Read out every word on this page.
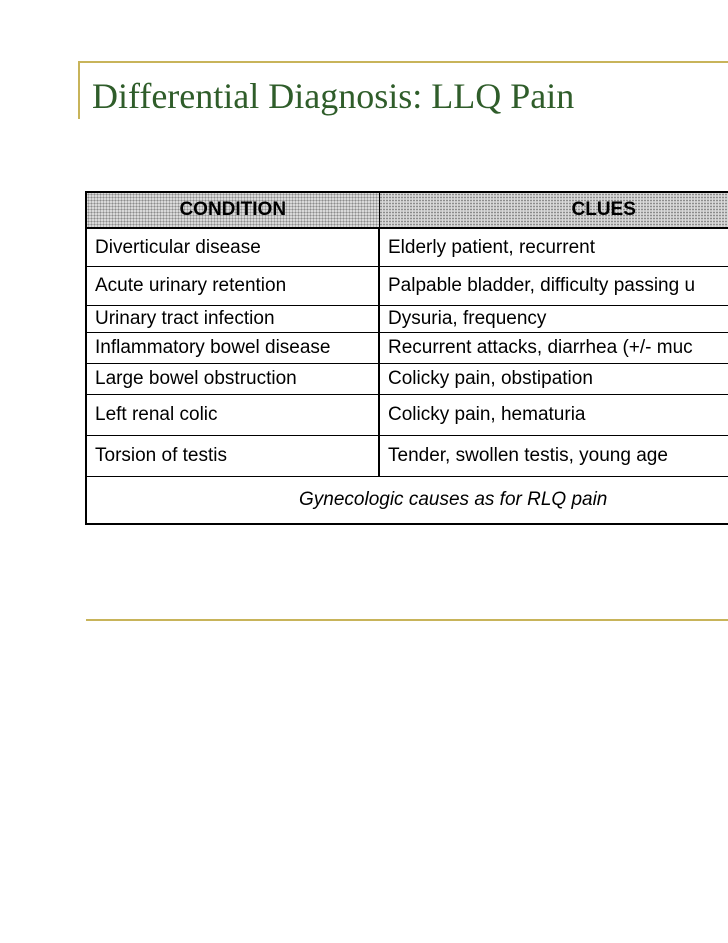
Differential Diagnosis: LLQ Pain
CONDITION	CLUES
Diverticular disease	Elderly patient, recurrent
Acute urinary retention	Palpable bladder, difficulty passing u
Urinary tract infection	Dysuria, frequency
Inflammatory bowel disease	Recurrent attacks, diarrhea (+/- muc
Large bowel obstruction	Colicky pain, obstipation
Left renal colic	Colicky pain, hematuria
Torsion of testis	Tender, swollen testis, young age
Gynecologic causes as for RLQ pain	
